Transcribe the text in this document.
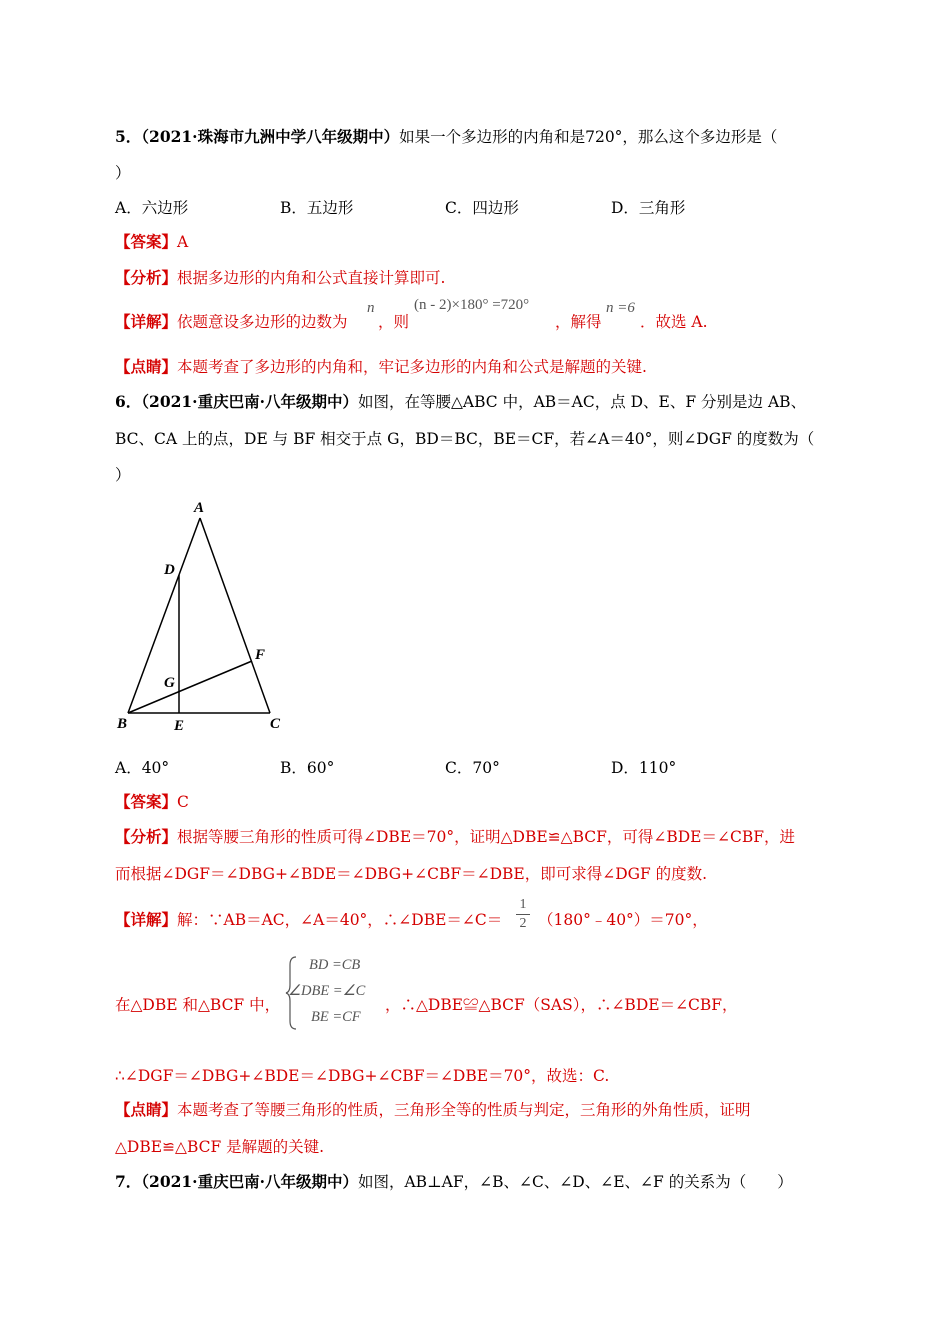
5．（2021·珠海市九洲中学八年级期中）如果一个多边形的内角和是720°，那么这个多边形是（
）
A．六边形	B．五边形	C．四边形	D．三角形
【答案】A
【分析】根据多边形的内角和公式直接计算即可.
【详解】依题意设多边形的边数为
n
，则
(n - 2)×180° =720°
，解得
n =6
．故选 A.
【点睛】本题考查了多边形的内角和，牢记多边形的内角和公式是解题的关键.
6．（2021·重庆巴南·八年级期中）如图，在等腰△ABC 中，AB＝AC，点 D、E、F 分别是边 AB、
BC、CA 上的点，DE 与 BF 相交于点 G，BD＝BC，BE＝CF，若∠A＝40°，则∠DGF 的度数为（
）
A
D
F
G
B	E	C
A．40°	B．60°	C．70°	D．110°
【答案】C
【分析】根据等腰三角形的性质可得∠DBE＝70°，证明△DBE≌△BCF，可得∠BDE＝∠CBF，进
而根据∠DGF＝∠DBG+∠BDE＝∠DBG+∠CBF＝∠DBE，即可求得∠DGF 的度数.
【详解】解：∵AB＝AC，∠A＝40°，∴∠DBE＝∠C＝
1
2 （180°﹣40°）＝70°，
在△DBE 和△BCF 中，
BD =CB
∠DBE =∠C
BE =CF
，∴△DBE≌△BCF（SAS），∴∠BDE＝∠CBF，
∴∠DGF＝∠DBG+∠BDE＝∠DBG+∠CBF＝∠DBE＝70°，故选：C.
【点睛】本题考查了等腰三角形的性质，三角形全等的性质与判定，三角形的外角性质，证明
△DBE≌△BCF 是解题的关键.
7．（2021·重庆巴南·八年级期中）如图，AB⊥AF，∠B、∠C、∠D、∠E、∠F 的关系为（　　）
